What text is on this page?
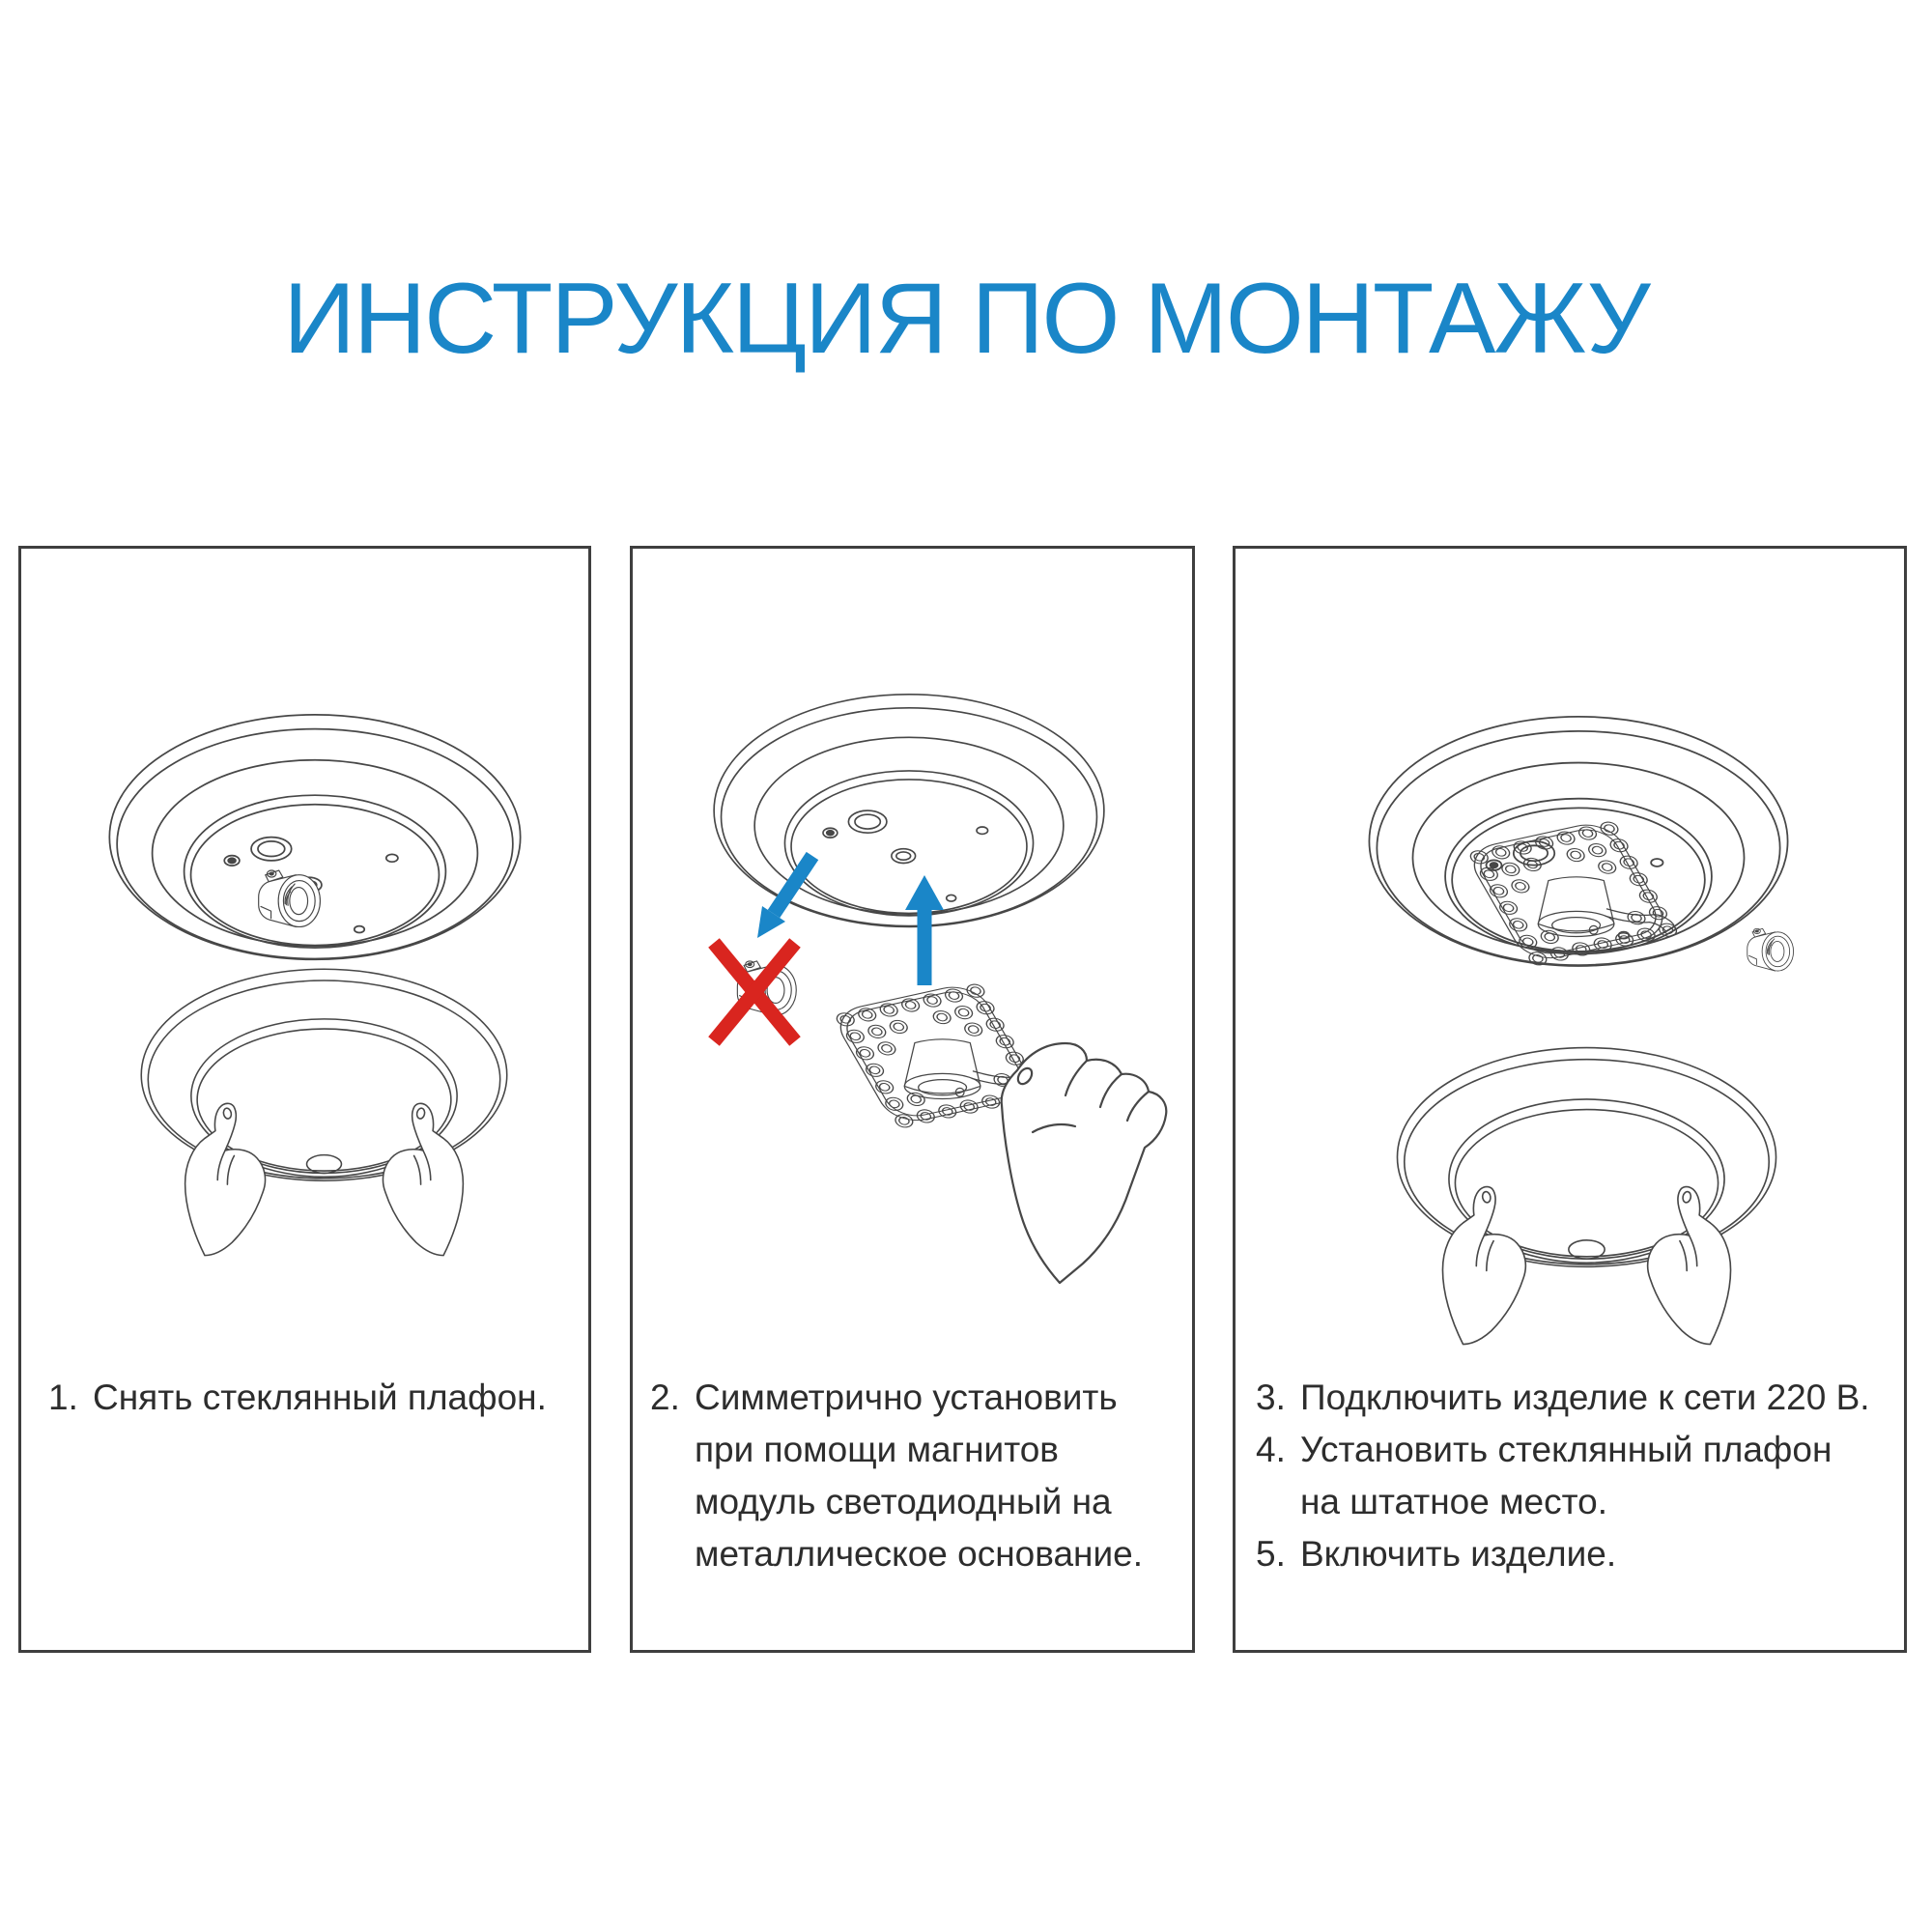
ИНСТРУКЦИЯ ПО МОНТАЖУ
1. Снять стеклянный плафон.	2. Симметрично установить
при помощи магнитов
модуль светодиодный на
металлическое основание.
3. Подключить изделие к сети 220 В.
4. Установить стеклянный плафон
на штатное место.
5. Включить изделие.
